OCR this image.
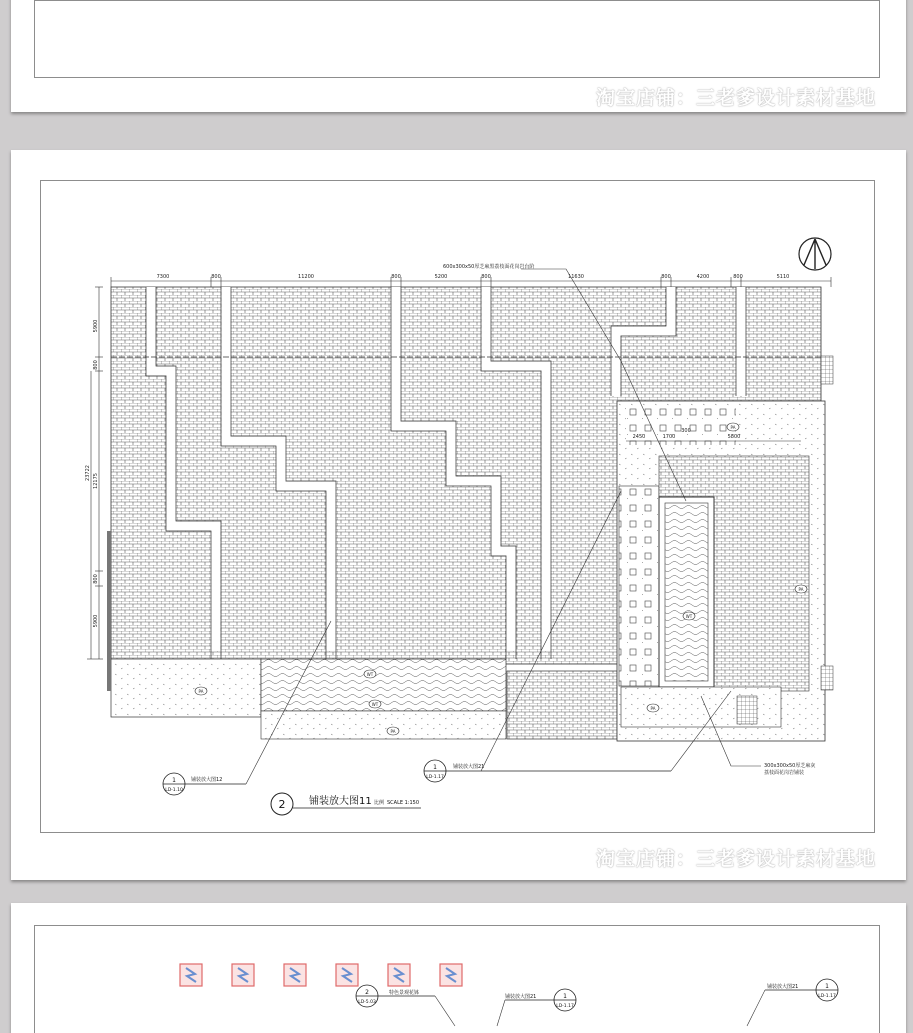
淘宝店铺：三老爹设计素材基地
7300	800	11200	800	5200	800	11630	800	4200	800	5110
5900
800
12175
800
5900
23722
2450	1700
300
5800
600x300x50厚芝麻黑荔枝面花岗岩台阶
300x300x50厚芝麻灰
荔枝面花岗岩铺装
PA
PA
PA
PA
WT
WT
PA
WT
1
LD-1.10
铺装放大图12
1
LD-1.17
铺装放大图21
2 铺装放大图11 比例 SCALE 1:150
淘宝店铺：三老爹设计素材基地
2
LD-5.03
特色景观花钵	1
LD-1.17
铺装放大图21
1
LD-1.17
铺装放大图21
